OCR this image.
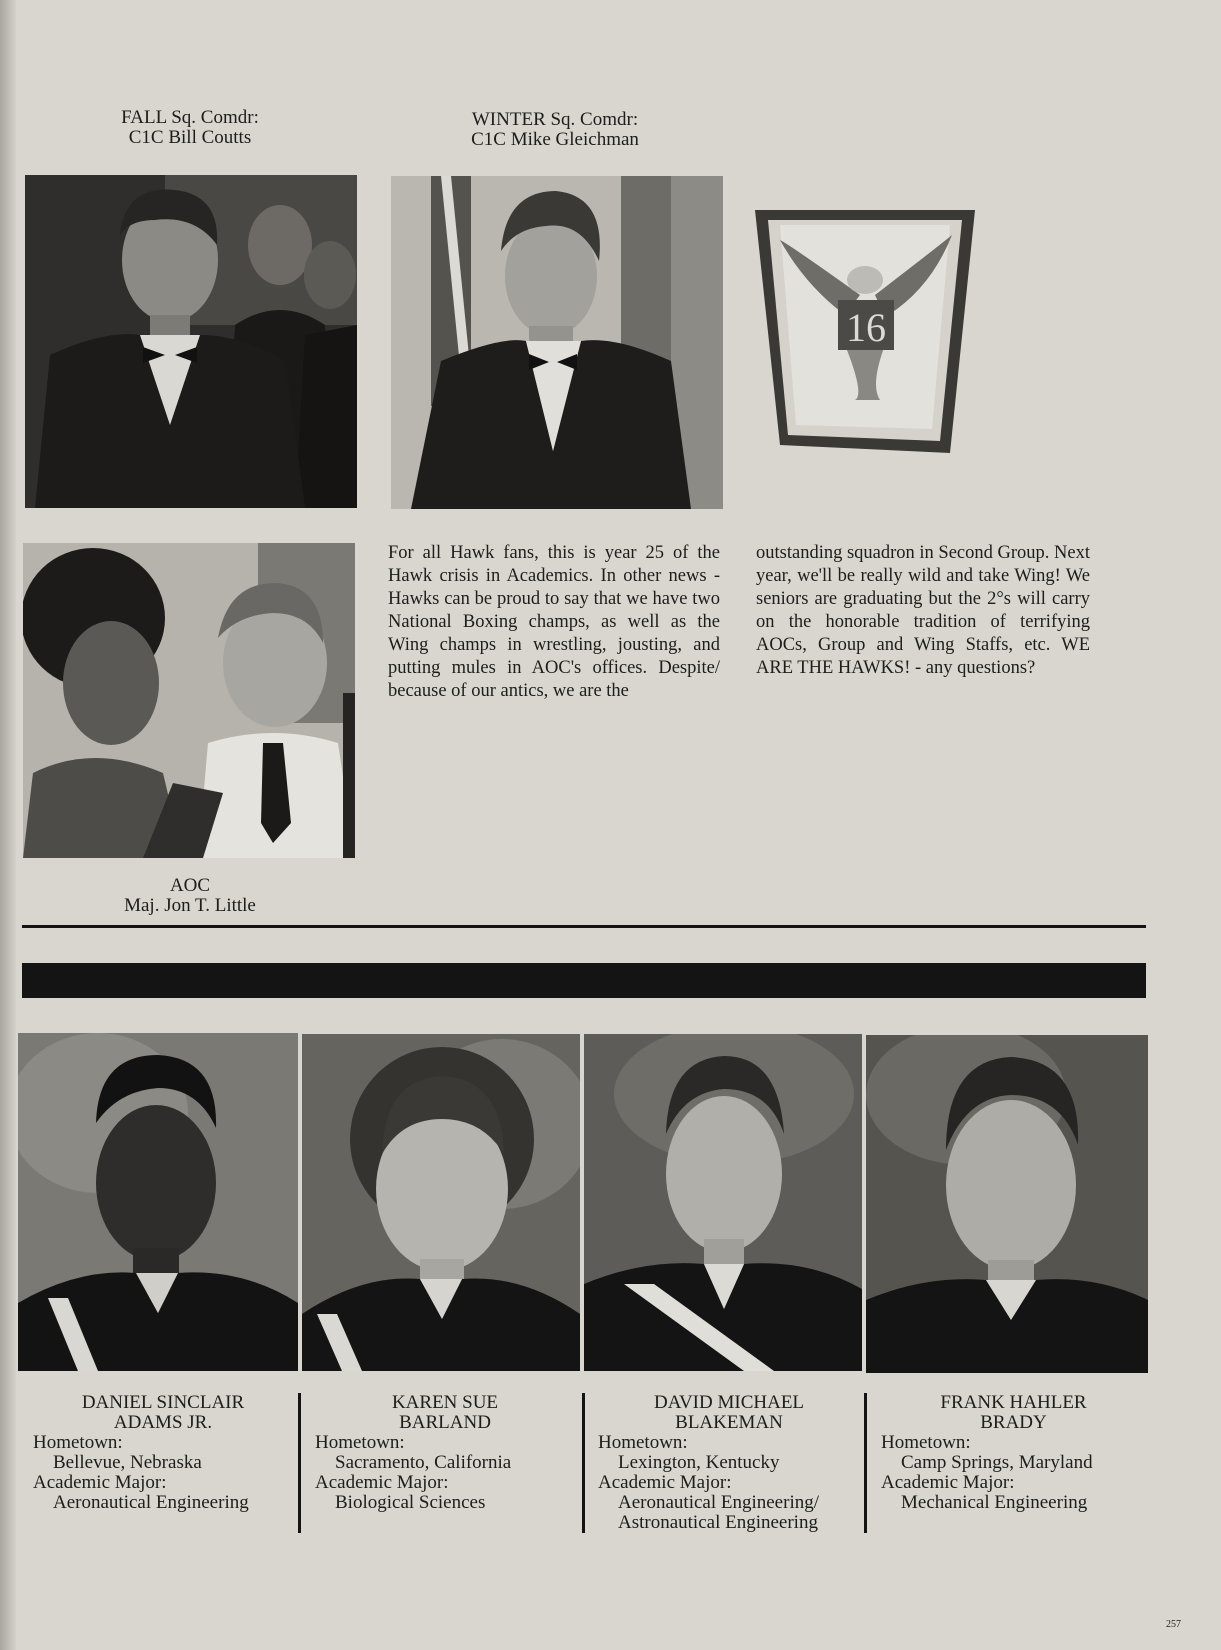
FALL Sq. Comdr:
C1C Bill Coutts
WINTER Sq. Comdr:
C1C Mike Gleichman
16
AOC
Maj. Jon T. Little
For all Hawk fans, this is year 25 of the Hawk crisis in Academics. In other news - Hawks can be proud to say that we have two National Boxing champs, as well as the Wing champs in wrestling, jousting, and putting mules in AOC's offices. Despite/ because of our antics, we are the
outstanding squadron in Second Group. Next year, we'll be really wild and take Wing! We seniors are graduating but the 2°s will carry on the honorable tradition of terrifying AOCs, Group and Wing Staffs, etc. WE ARE THE HAWKS! - any questions?
DANIEL SINCLAIR
ADAMS JR.
Hometown:
Bellevue, Nebraska
Academic Major:
Aeronautical Engineering
KAREN SUE
BARLAND
Hometown:
Sacramento, California
Academic Major:
Biological Sciences
DAVID MICHAEL
BLAKEMAN
Hometown:
Lexington, Kentucky
Academic Major:
Aeronautical Engineering/
Astronautical Engineering
FRANK HAHLER
BRADY
Hometown:
Camp Springs, Maryland
Academic Major:
Mechanical Engineering
257
